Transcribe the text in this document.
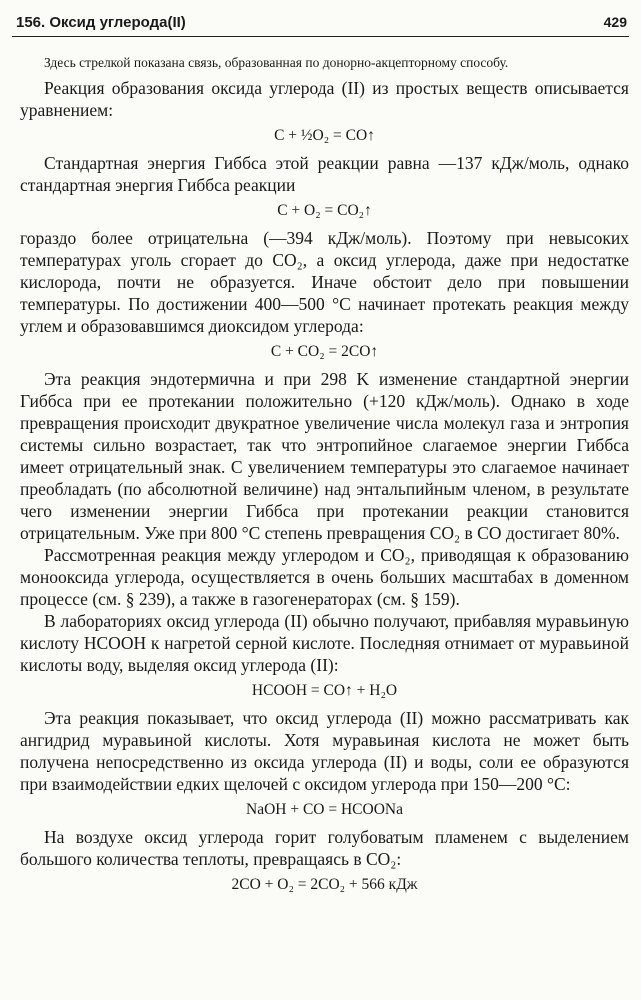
156. Оксид углерода(II)	429
Здесь стрелкой показана связь, образованная по донорно-акцепторному способу.

Реакция образования оксида углерода (II) из простых веществ описывается уравнением:

C + ½O₂ = CO↑

Стандартная энергия Гиббса этой реакции равна —137 кДж/моль, однако стандартная энергия Гиббса реакции

C + O₂ = CO₂↑

гораздо более отрицательна (—394 кДж/моль). Поэтому при невысоких температурах уголь сгорает до CO₂, а оксид углерода, даже при недостатке кислорода, почти не образуется. Иначе обстоит дело при повышении температуры. По достижении 400—500 °C начинает протекать реакция между углем и образовавшимся диоксидом углерода:

C + CO₂ = 2CO↑

Эта реакция эндотермична и при 298 K изменение стандартной энергии Гиббса при ее протекании положительно (+120 кДж/моль). Однако в ходе превращения происходит двукратное увеличение числа молекул газа и энтропия системы сильно возрастает, так что энтропийное слагаемое энергии Гиббса имеет отрицательный знак. С увеличением температуры это слагаемое начинает преобладать (по абсолютной величине) над энтальпийным членом, в результате чего изменении энергии Гиббса при протекании реакции становится отрицательным. Уже при 800 °C степень превращения CO₂ в CO достигает 80%.

Рассмотренная реакция между углеродом и CO₂, приводящая к образованию монооксида углерода, осуществляется в очень больших масштабах в доменном процессе (см. § 239), а также в газогенераторах (см. § 159).

В лабораториях оксид углерода (II) обычно получают, прибавляя муравьиную кислоту HCOOH к нагретой серной кислоте. Последняя отнимает от муравьиной кислоты воду, выделяя оксид углерода (II):

HCOOH = CO↑ + H₂O

Эта реакция показывает, что оксид углерода (II) можно рассматривать как ангидрид муравьиной кислоты. Хотя муравьиная кислота не может быть получена непосредственно из оксида углерода (II) и воды, соли ее образуются при взаимодействии едких щелочей с оксидом углерода при 150—200 °C:

NaOH + CO = HCOONa

На воздухе оксид углерода горит голубоватым пламенем с выделением большого количества теплоты, превращаясь в CO₂:

2CO + O₂ = 2CO₂ + 566 кДж
